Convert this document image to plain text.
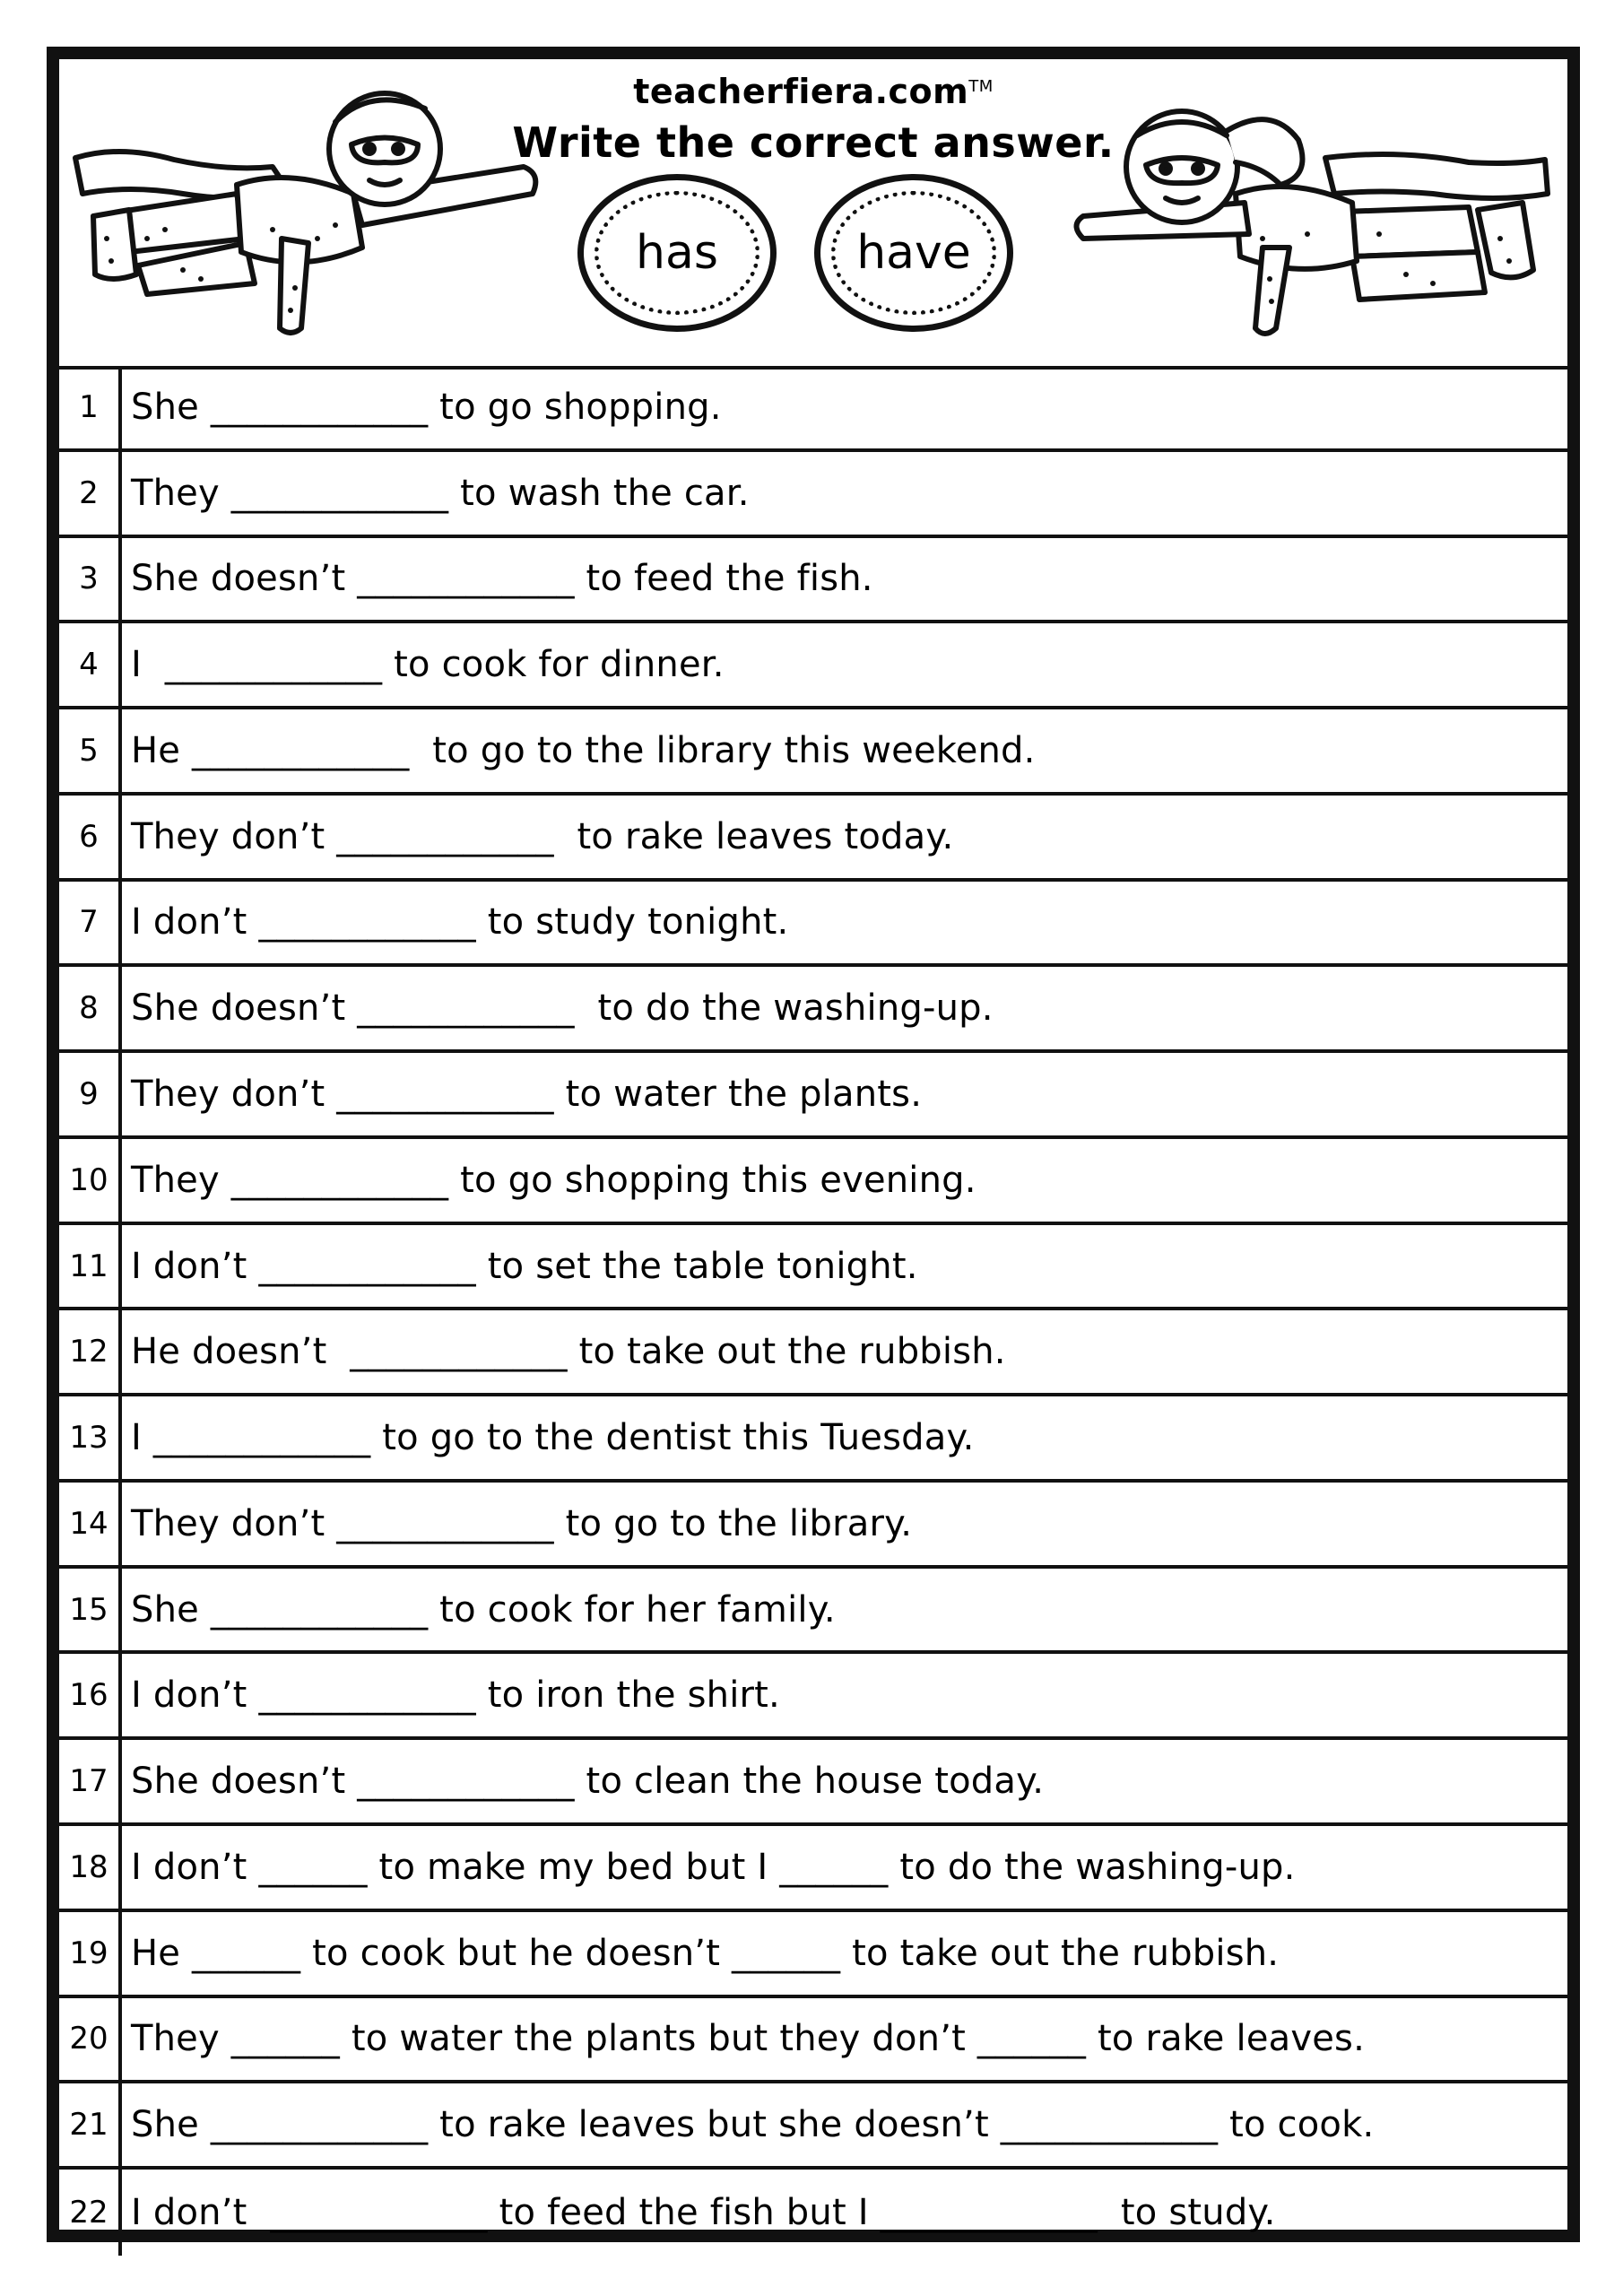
teacherfiera.com™
Write the correct answer.
has	have
1 She ____________ to go shopping.
2 They ____________ to wash the car.
3 She doesn’t ____________ to feed the fish.
4 I  ____________ to cook for dinner.
5 He ____________  to go to the library this weekend.
6 They don’t ____________  to rake leaves today.
7 I don’t ____________ to study tonight.
8 She doesn’t ____________  to do the washing-up.
9 They don’t ____________ to water the plants.
10 They ____________ to go shopping this evening.
11 I don’t ____________ to set the table tonight.
12 He doesn’t  ____________ to take out the rubbish.
13 I ____________ to go to the dentist this Tuesday.
14 They don’t ____________ to go to the library.
15 She ____________ to cook for her family.
16 I don’t ____________ to iron the shirt.
17 She doesn’t ____________ to clean the house today.
18 I don’t ______ to make my bed but I ______ to do the washing-up.
19 He ______ to cook but he doesn’t ______ to take out the rubbish.
20 They ______ to water the plants but they don’t ______ to rake leaves.
21 She ____________ to rake leaves but she doesn’t ____________ to cook.
22 I don’t  ____________ to feed the fish but I ____________  to study.
